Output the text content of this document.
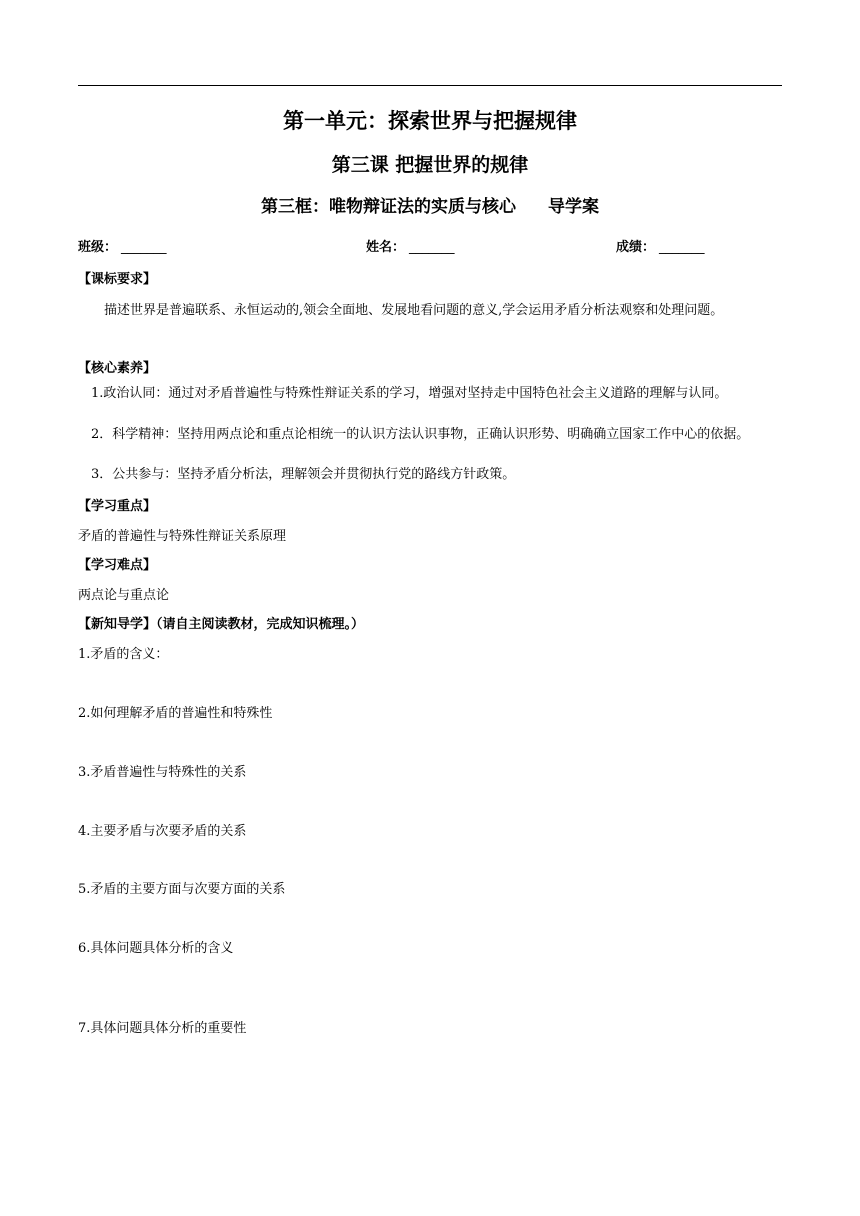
第一单元：探索世界与把握规律
第三课 把握世界的规律
第三框：唯物辩证法的实质与核心 导学案
班级： _______	姓名： _______	成绩： _______
【课标要求】
描述世界是普遍联系、永恒运动的,领会全面地、发展地看问题的意义,学会运用矛盾分析法观察和处理问题。
【核心素养】
1.政治认同：通过对矛盾普遍性与特殊性辩证关系的学习，增强对坚持走中国特色社会主义道路的理解与认同。
2．科学精神：坚持用两点论和重点论相统一的认识方法认识事物，正确认识形势、明确确立国家工作中心的依据。
3．公共参与：坚持矛盾分析法，理解领会并贯彻执行党的路线方针政策。
【学习重点】
矛盾的普遍性与特殊性辩证关系原理
【学习难点】
两点论与重点论
【新知导学】（请自主阅读教材，完成知识梳理。）
1.矛盾的含义：
2.如何理解矛盾的普遍性和特殊性
3.矛盾普遍性与特殊性的关系
4.主要矛盾与次要矛盾的关系
5.矛盾的主要方面与次要方面的关系
6.具体问题具体分析的含义
7.具体问题具体分析的重要性
